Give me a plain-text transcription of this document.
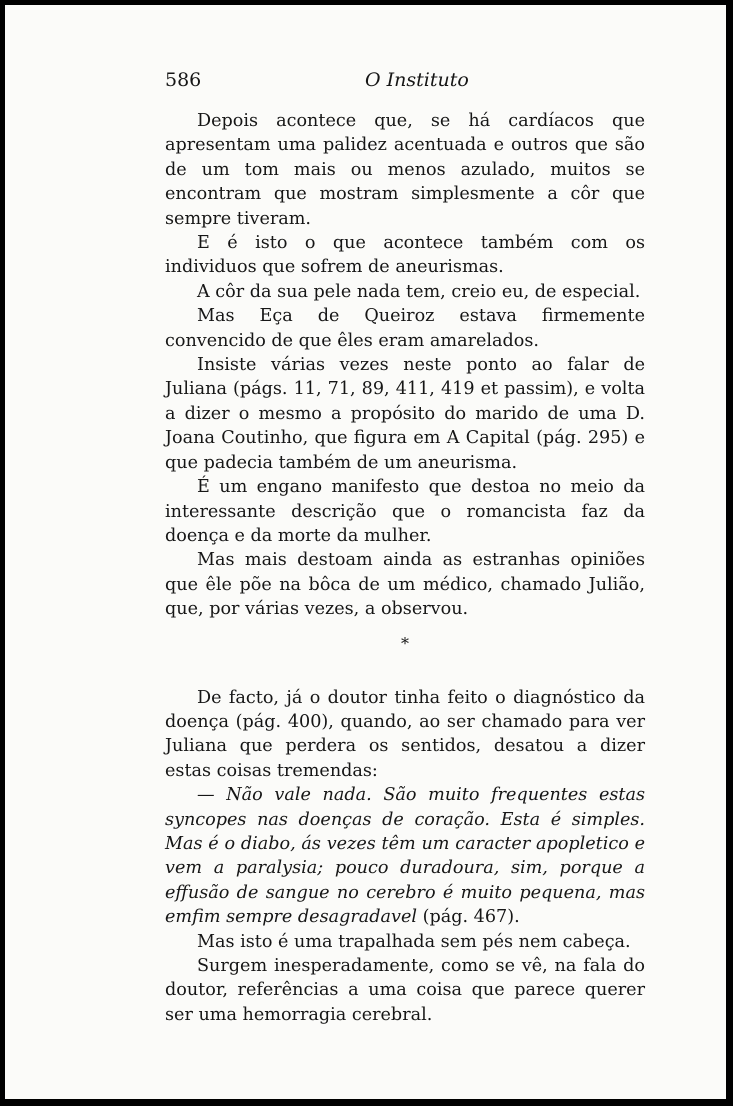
586	O Instituto

Depois acontece que, se há cardíacos que apresentam uma palidez acentuada e outros que são de um tom mais ou menos azulado, muitos se encontram que mostram simplesmente a côr que sempre tiveram.

E é isto o que acontece também com os individuos que sofrem de aneurismas.

A côr da sua pele nada tem, creio eu, de especial.

Mas Eça de Queiroz estava firmemente convencido de que êles eram amarelados.

Insiste várias vezes neste ponto ao falar de Juliana (págs. 11, 71, 89, 411, 419 et passim), e volta a dizer o mesmo a propósito do marido de uma D. Joana Coutinho, que figura em A Capital (pág. 295) e que padecia também de um aneurisma.

É um engano manifesto que destoa no meio da interessante descrição que o romancista faz da doença e da morte da mulher.

Mas mais destoam ainda as estranhas opiniões que êle põe na bôca de um médico, chamado Julião, que, por várias vezes, a observou.

*

De facto, já o doutor tinha feito o diagnóstico da doença (pág. 400), quando, ao ser chamado para ver Juliana que perdera os sentidos, desatou a dizer estas coisas tremendas:

— Não vale nada. São muito frequentes estas syncopes nas doenças de coração. Esta é simples. Mas é o diabo, ás vezes têm um caracter apopletico e vem a paralysia; pouco duradoura, sim, porque a effusão de sangue no cerebro é muito pequena, mas emfim sempre desagradavel (pág. 467).

Mas isto é uma trapalhada sem pés nem cabeça.

Surgem inesperadamente, como se vê, na fala do doutor, referências a uma coisa que parece querer ser uma hemorragia cerebral.
